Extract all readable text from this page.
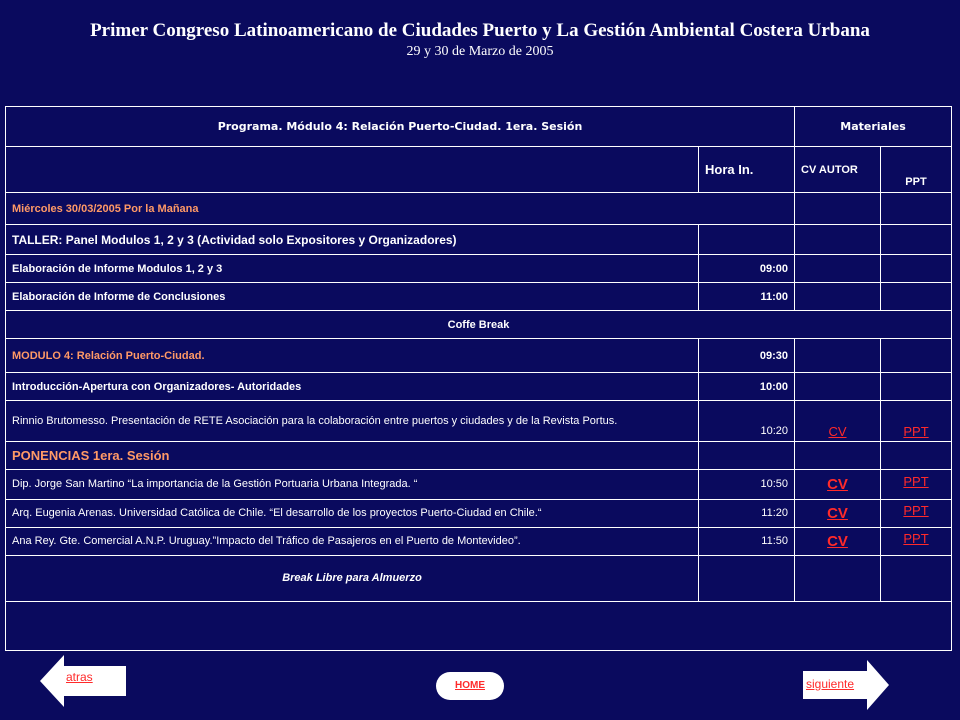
Primer Congreso Latinoamericano de Ciudades Puerto y La Gestión Ambiental Costera Urbana
29 y 30 de Marzo de 2005
Programa. Módulo 4: Relación Puerto-Ciudad. 1era. Sesión		Materiales	
	Hora In.	CV AUTOR	PPT
Miércoles 30/03/2005 Por la Mañana			
TALLER: Panel Modulos 1, 2 y 3 (Actividad solo Expositores y Organizadores)			
Elaboración de Informe Modulos 1, 2 y 3	09:00		
Elaboración de Informe de Conclusiones	11:00		
Coffe Break			
MODULO 4: Relación Puerto-Ciudad.	09:30		
Introducción-Apertura con Organizadores- Autoridades	10:00		
Rinnio Brutomesso. Presentación de RETE Asociación para la colaboración entre puertos y ciudades y de la Revista Portus.	10:20	CV	PPT
PONENCIAS 1era. Sesión			
Dip. Jorge San Martino “La importancia de la Gestión Portuaria Urbana Integrada. “	10:50	CV	PPT
Arq. Eugenia Arenas. Universidad Católica de Chile. “El desarrollo de los proyectos Puerto-Ciudad en Chile.“	11:20	CV	PPT
Ana Rey. Gte. Comercial A.N.P. Uruguay.”Impacto del Tráfico de Pasajeros en el Puerto de Montevideo”.	11:50	CV	PPT
Break Libre para Almuerzo			

atras
HOME	siguiente
